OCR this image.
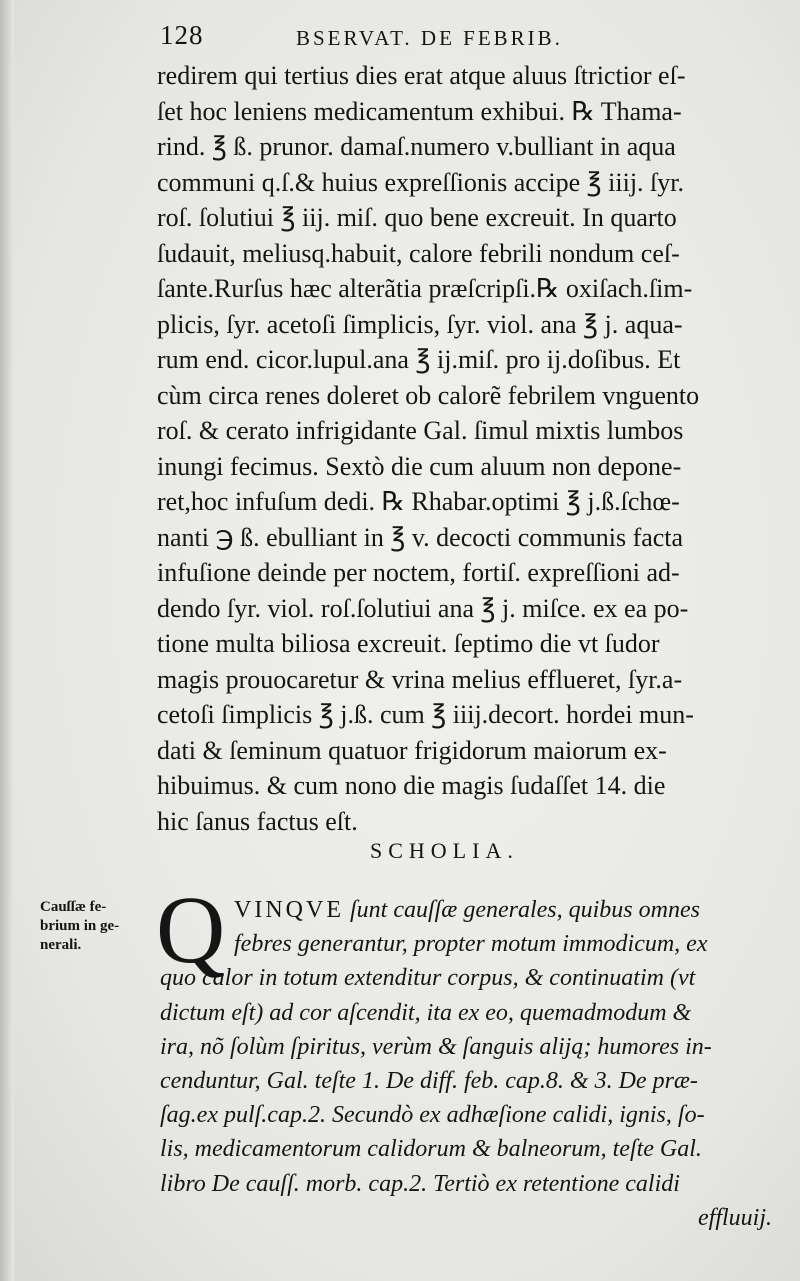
128	BSERVAT. DE FEBRIB.
redirem qui tertius dies erat atque aluus ſtrictior eſ-
ſet hoc leniens medicamentum exhibui. ℞ Thama-
rind. ℥ ß. prunor. damaſ.numero v.bulliant in aqua
communi q.ſ.& huius expreſſionis accipe ℥ iiij. ſyr.
roſ. ſolutiui ℥ iij. miſ. quo bene excreuit. In quarto
ſudauit, meliusq.habuit, calore febrili nondum ceſ-
ſante.Rurſus hæc alterãtia præſcripſi.℞ oxiſach.ſim-
plicis, ſyr. acetoſi ſimplicis, ſyr. viol. ana ℥ j. aqua-
rum end. cicor.lupul.ana ℥ ij.miſ. pro ij.doſibus. Et
cùm circa renes doleret ob calorẽ febrilem vnguento
roſ. & cerato infrigidante Gal. ſimul mixtis lumbos
inungi fecimus. Sextò die cum aluum non depone-
ret,hoc infuſum dedi. ℞ Rhabar.optimi ℥ j.ß.ſchœ-
nanti ℈ ß. ebulliant in ℥ v. decocti communis facta
infuſione deinde per noctem, fortiſ. expreſſioni ad-
dendo ſyr. viol. roſ.ſolutiui ana ℥ j. miſce. ex ea po-
tione multa biliosa excreuit. ſeptimo die vt ſudor
magis prouocaretur & vrina melius efflueret, ſyr.a-
cetoſi ſimplicis ℥ j.ß. cum ℥ iiij.decort. hordei mun-
dati & ſeminum quatuor frigidorum maiorum ex-
hibuimus. & cum nono die magis ſudaſſet 14. die
hic ſanus factus eſt.
SCHOLIA.
Cauſſæ fe-
brium in ge-
nerali. Q VINQVE ſunt cauſſæ generales, quibus omnes
febres generantur, propter motum immodicum, ex
quo calor in totum extenditur corpus, & continuatim (vt
dictum eſt) ad cor aſcendit, ita ex eo, quemadmodum &
ira, nõ ſolùm ſpiritus, verùm & ſanguis aliją; humores in-
cenduntur, Gal. teſte 1. De diff. feb. cap.8. & 3. De præ-
ſag.ex pulſ.cap.2. Secundò ex adhæſione calidi, ignis, ſo-
lis, medicamentorum calidorum & balneorum, teſte Gal.
libro De cauſſ. morb. cap.2. Tertiò ex retentione calidi
effluuij.
